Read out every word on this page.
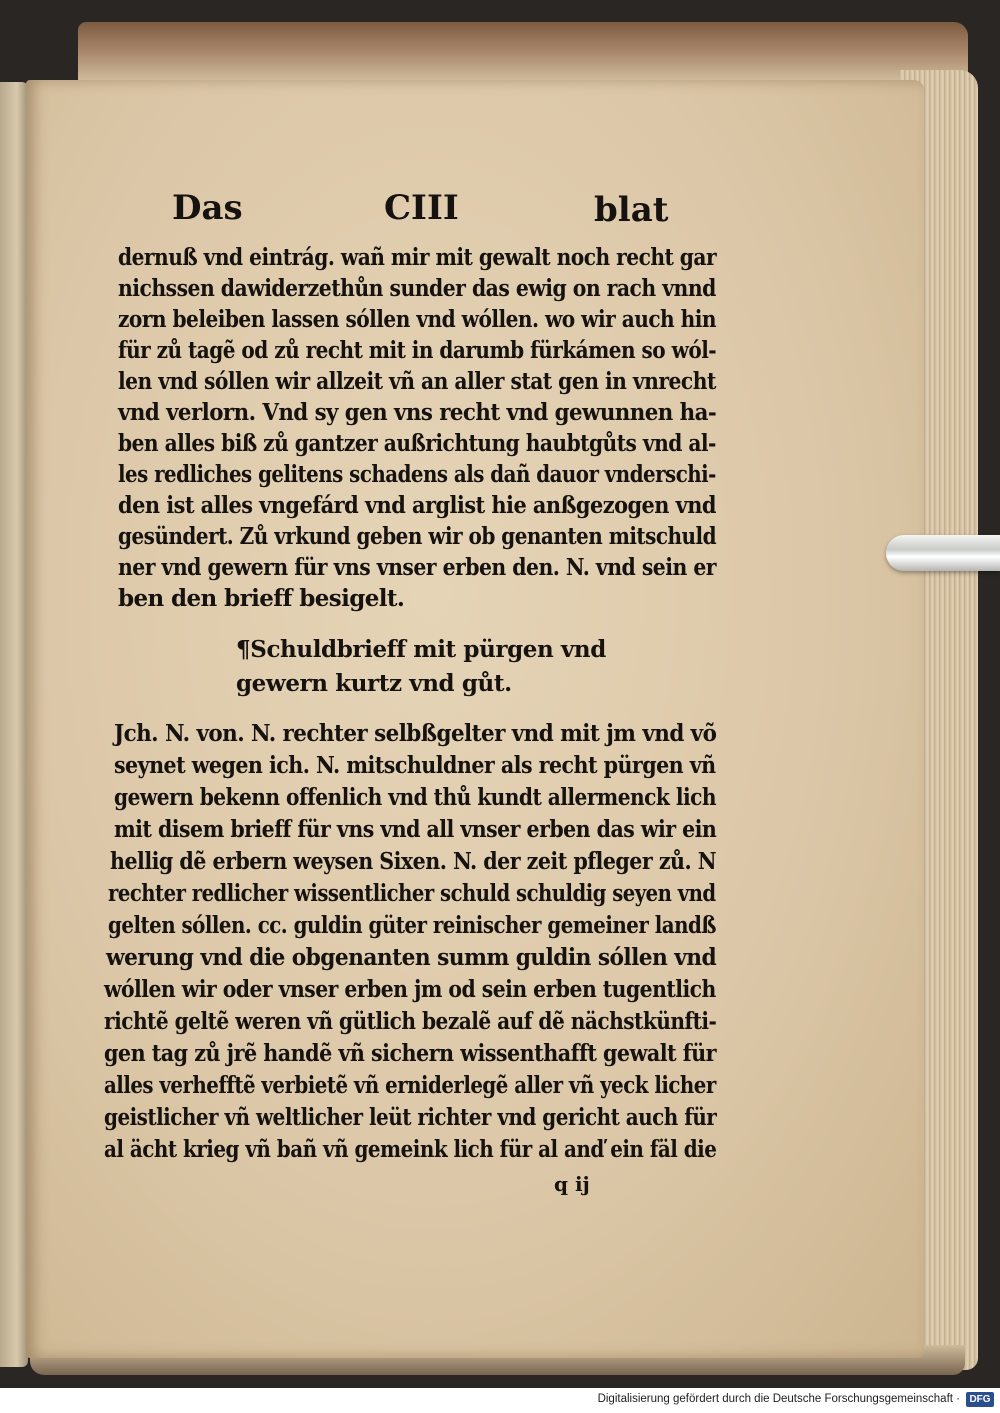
Das	CIII	blat
dernuß vnd eintrág. wañ mir mit gewalt noch recht gar
nichssen dawiderzethůn sunder das ewig on rach vnnd
zorn beleiben lassen sóllen vnd wóllen. wo wir auch hin
für zů tagẽ od zů recht mit in darumb fürkámen so wól-
len vnd sóllen wir allzeit vñ an aller stat gen in vnrecht
vnd verlorn. Vnd sy gen vns recht vnd gewunnen ha-
ben alles biß zů gantzer außrichtung haubtgůts vnd al-
les redliches gelitens schadens als dañ dauor vnderschi-
den ist alles vngefárd vnd arglist hie anßgezogen vnd
gesündert. Zů vrkund geben wir ob genanten mitschuld
ner vnd gewern für vns vnser erben den. N. vnd sein er
ben den brieff besigelt.
¶Schuldbrieff mit pürgen vnd
gewern kurtz vnd gůt.
Jch. N. von. N. rechter selbßgelter vnd mit jm vnd võ
seynet wegen ich. N. mitschuldner als recht pürgen vñ
gewern bekenn offenlich vnd thů kundt allermenck lich
mit disem brieff für vns vnd all vnser erben das wir ein
hellig dẽ erbern weysen Sixen. N. der zeit pfleger zů. N
rechter redlicher wissentlicher schuld schuldig seyen vnd
gelten sóllen. cc. guldin güter reinischer gemeiner landß
werung vnd die obgenanten summ guldin sóllen vnd
wóllen wir oder vnser erben jm od sein erben tugentlich
richtẽ geltẽ weren vñ gütlich bezalẽ auf dẽ nächstkünfti-
gen tag zů jrẽ handẽ vñ sichern wissenthafft gewalt für
alles verhefftẽ verbietẽ vñ erniderlegẽ aller vñ yeck licher
geistlicher vñ weltlicher leüt richter vnd gericht auch für
al ächt krieg vñ bañ vñ gemeink lich für al anď ein fäl die
q ij
Digitalisierung gefördert durch die Deutsche Forschungsgemeinschaft · DFG
